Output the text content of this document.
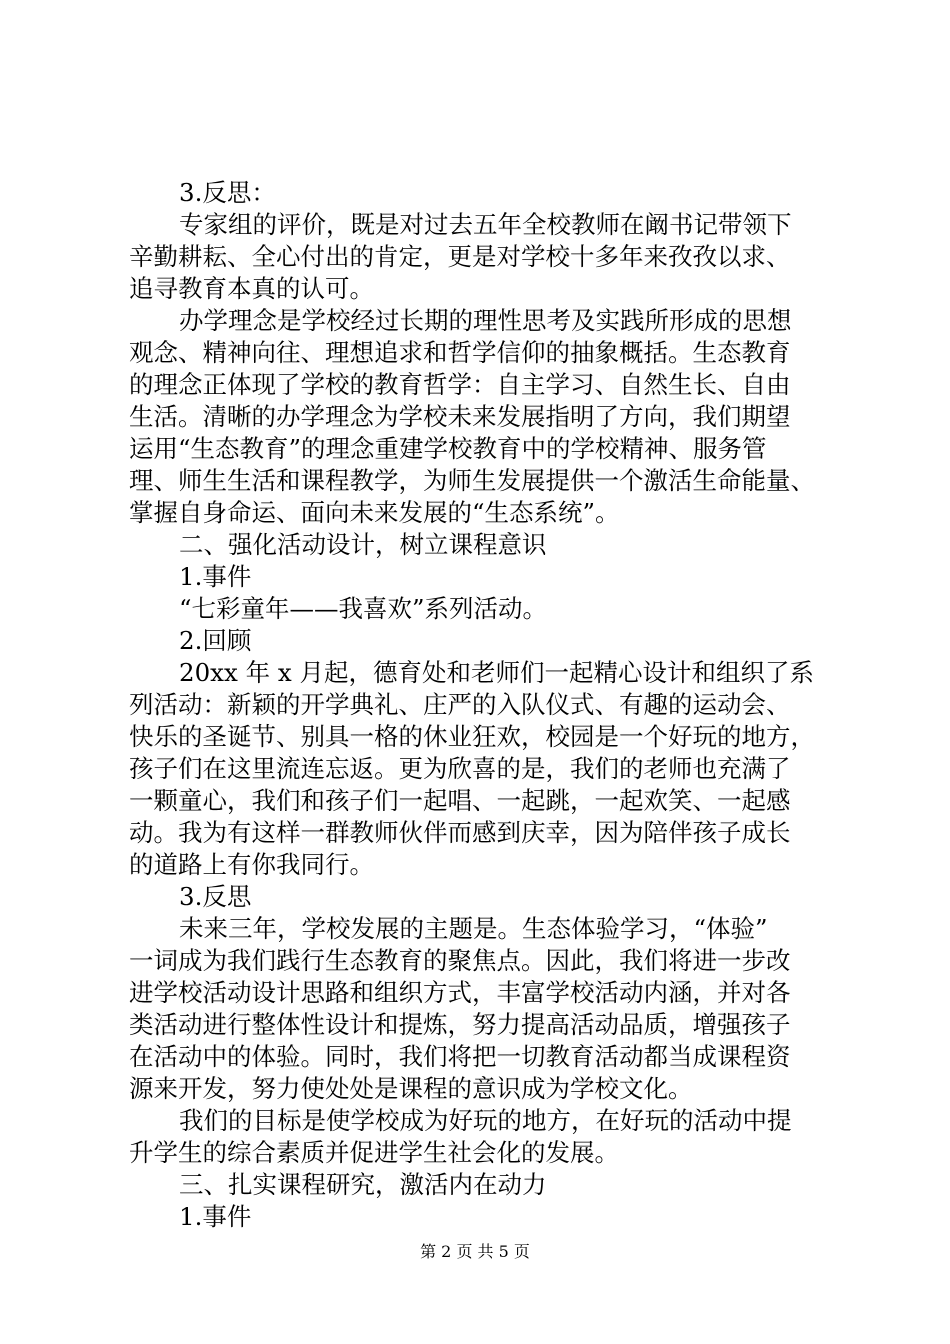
3.反思：
专家组的评价，既是对过去五年全校教师在阚书记带领下
辛勤耕耘、全心付出的肯定，更是对学校十多年来孜孜以求、
追寻教育本真的认可。
办学理念是学校经过长期的理性思考及实践所形成的思想
观念、精神向往、理想追求和哲学信仰的抽象概括。生态教育
的理念正体现了学校的教育哲学：自主学习、自然生长、自由
生活。清晰的办学理念为学校未来发展指明了方向，我们期望
运用“生态教育”的理念重建学校教育中的学校精神、服务管
理、师生生活和课程教学，为师生发展提供一个激活生命能量、
掌握自身命运、面向未来发展的“生态系统”。
二、强化活动设计，树立课程意识
1.事件
“七彩童年——我喜欢”系列活动。
2.回顾
20xx 年 x 月起，德育处和老师们一起精心设计和组织了系
列活动：新颖的开学典礼、庄严的入队仪式、有趣的运动会、
快乐的圣诞节、别具一格的休业狂欢，校园是一个好玩的地方，
孩子们在这里流连忘返。更为欣喜的是，我们的老师也充满了
一颗童心，我们和孩子们一起唱、一起跳，一起欢笑、一起感
动。我为有这样一群教师伙伴而感到庆幸，因为陪伴孩子成长
的道路上有你我同行。
3.反思
未来三年，学校发展的主题是。生态体验学习，“体验”
一词成为我们践行生态教育的聚焦点。因此，我们将进一步改
进学校活动设计思路和组织方式，丰富学校活动内涵，并对各
类活动进行整体性设计和提炼，努力提高活动品质，增强孩子
在活动中的体验。同时，我们将把一切教育活动都当成课程资
源来开发，努力使处处是课程的意识成为学校文化。
我们的目标是使学校成为好玩的地方，在好玩的活动中提
升学生的综合素质并促进学生社会化的发展。
三、扎实课程研究，激活内在动力
1.事件
第 2 页 共 5 页
